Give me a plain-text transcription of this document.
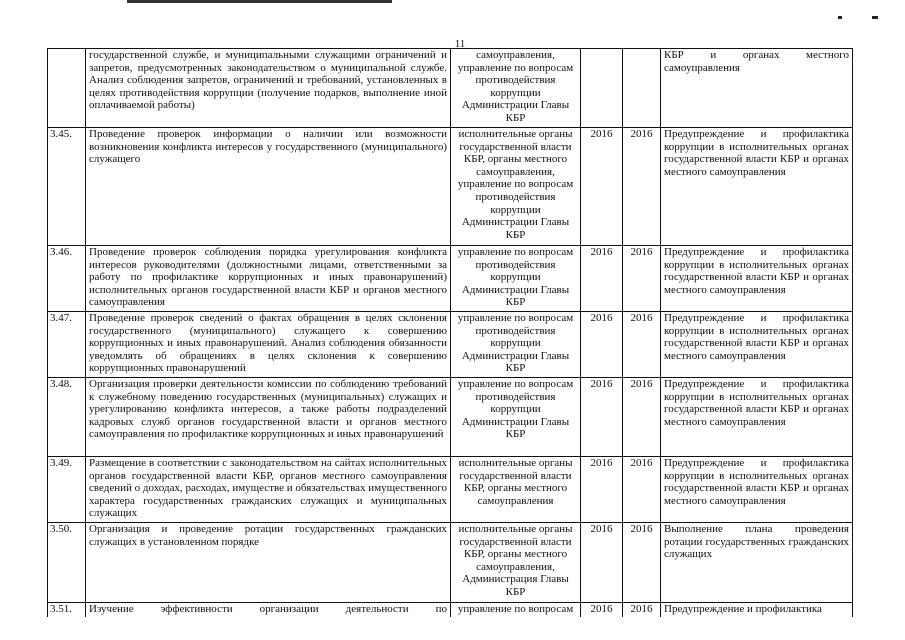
11
	государственной службе, и муниципальными служащими ограничений и запретов, предусмотренных законодательством о муниципальной службе. Анализ соблюдения запретов, ограничений и требований, установленных в целях противодействия коррупции (получение подарков, выполнение иной оплачиваемой работы)	самоуправления, управление по вопросам противодействия коррупции Администрации Главы КБР			КБР и органах местного самоуправления
3.45.	Проведение проверок информации о наличии или возможности возникновения конфликта интересов у государственного (муниципального) служащего	исполнительные органы государственной власти КБР, органы местного самоуправления, управление по вопросам противодействия коррупции Администрации Главы КБР	2016	2016	Предупреждение и профилактика коррупции в исполнительных органах государственной власти КБР и органах местного самоуправления
3.46.	Проведение проверок соблюдения порядка урегулирования конфликта интересов руководителями (должностными лицами, ответственными за работу по профилактике коррупционных и иных правонарушений) исполнительных органов государственной власти КБР и органов местного самоуправления	управление по вопросам противодействия коррупции Администрации Главы КБР	2016	2016	Предупреждение и профилактика коррупции в исполнительных органах государственной власти КБР и органах местного самоуправления
3.47.	Проведение проверок сведений о фактах обращения в целях склонения государственного (муниципального) служащего к совершению коррупционных и иных правонарушений. Анализ соблюдения обязанности уведомлять об обращениях в целях склонения к совершению коррупционных правонарушений	управление по вопросам противодействия коррупции Администрации Главы КБР	2016	2016	Предупреждение и профилактика коррупции в исполнительных органах государственной власти КБР и органах местного самоуправления
3.48.	Организация проверки деятельности комиссии по соблюдению требований к служебному поведению государственных (муниципальных) служащих и урегулированию конфликта интересов, а также работы подразделений кадровых служб органов государственной власти и органов местного самоуправления по профилактике коррупционных и иных правонарушений	управление по вопросам противодействия коррупции Администрации Главы КБР	2016	2016	Предупреждение и профилактика коррупции в исполнительных органах государственной власти КБР и органах местного самоуправления
3.49.	Размещение в соответствии с законодательством на сайтах исполнительных органов государственной власти КБР, органов местного самоуправления сведений о доходах, расходах, имуществе и обязательствах имущественного характера государственных гражданских служащих и муниципальных служащих	исполнительные органы государственной власти КБР, органы местного самоуправления	2016	2016	Предупреждение и профилактика коррупции в исполнительных органах государственной власти КБР и органах местного самоуправления
3.50.	Организация и проведение ротации государственных гражданских служащих в установленном порядке	исполнительные органы государственной власти КБР, органы местного самоуправления, Администрация Главы КБР	2016	2016	Выполнение плана проведения ротации государственных гражданских служащих
3.51.	Изучение эффективности организации деятельности по	управление по вопросам	2016	2016	Предупреждение и профилактика
